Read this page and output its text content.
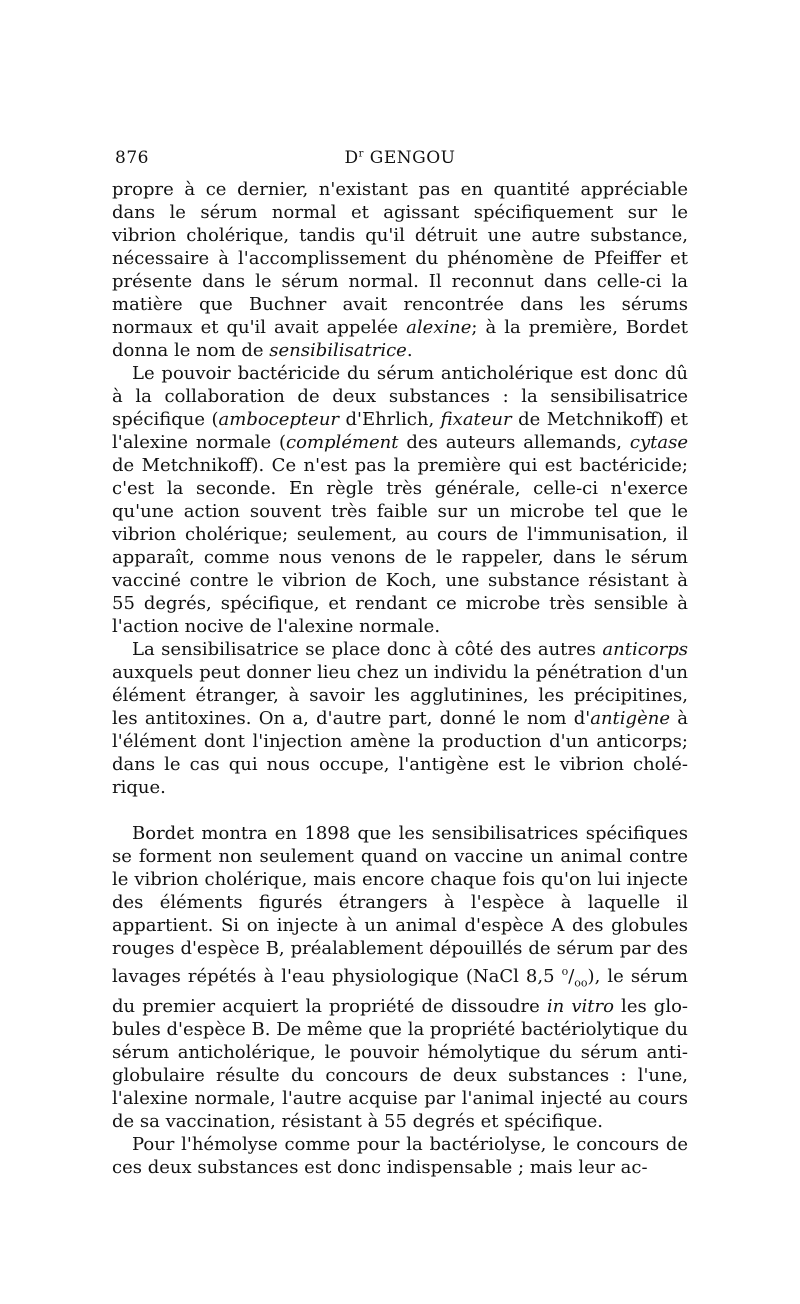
876	$D^r$ GENGOU

propre à ce dernier, n'existant pas en quantité appréciable dans le sérum normal et agissant spécifiquement sur le vibrion cholérique, tandis qu'il détruit une autre substance, nécessaire à l'accomplissement du phénomène de Pfeiffer et présente dans le sérum normal. Il reconnut dans celle-ci la matière que Buchner avait rencontrée dans les sérums normaux et qu'il avait appelée alexine; à la première, Bordet donna le nom de sensibilisatrice.

Le pouvoir bactéricide du sérum anticholérique est donc dû à la collaboration de deux substances : la sensibilisatrice spécifique (ambocepteur d'Ehrlich, fixateur de Metchnikoff) et l'alexine normale (complément des auteurs allemands, cytase de Metchnikoff). Ce n'est pas la première qui est bactéricide; c'est la seconde. En règle très générale, celle-ci n'exerce qu'une action souvent très faible sur un microbe tel que le vibrion cholérique; seulement, au cours de l'immunisation, il apparaît, comme nous venons de le rappeler, dans le sérum vacciné contre le vibrion de Koch, une substance résistant à 55 degrés, spécifique, et rendant ce microbe très sensible à l'action nocive de l'alexine normale.

La sensibilisatrice se place donc à côté des autres anticorps auxquels peut donner lieu chez un individu la pénétration d'un élément étranger, à savoir les agglutinines, les précipitines, les antitoxines. On a, d'autre part, donné le nom d'antigène à l'élément dont l'injection amène la production d'un anticorps; dans le cas qui nous occupe, l'antigène est le vibrion cholé-rique.

Bordet montra en 1898 que les sensibilisatrices spécifiques se forment non seulement quand on vaccine un animal contre le vibrion cholérique, mais encore chaque fois qu'on lui injecte des éléments figurés étrangers à l'espèce à laquelle il appartient. Si on injecte à un animal d'espèce A des globules rouges d'espèce B, préalablement dépouillés de sérum par des lavages répétés à l'eau physiologique (NaCl 8,5 $^o/_{oo}$), le sérum du premier acquiert la propriété de dissoudre in vitro les glo-bules d'espèce B. De même que la propriété bactériolytique du sérum anticholérique, le pouvoir hémolytique du sérum anti-globulaire résulte du concours de deux substances : l'une, l'alexine normale, l'autre acquise par l'animal injecté au cours de sa vaccination, résistant à 55 degrés et spécifique.

Pour l'hémolyse comme pour la bactériolyse, le concours de ces deux substances est donc indispensable ; mais leur ac-
